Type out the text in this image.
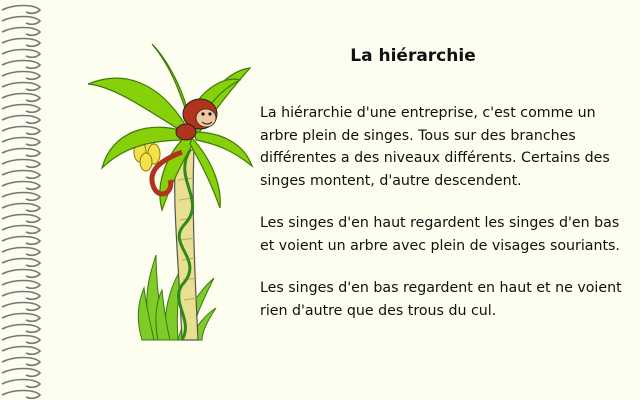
La hiérarchie

La hiérarchie d'une entreprise, c'est comme un arbre plein de singes. Tous sur des branches différentes a des niveaux différents. Certains des singes montent, d'autre descendent.

Les singes d'en haut regardent les singes d'en bas et voient un arbre avec plein de visages souriants.

Les singes d'en bas regardent en haut et ne voient rien d'autre que des trous du cul.
